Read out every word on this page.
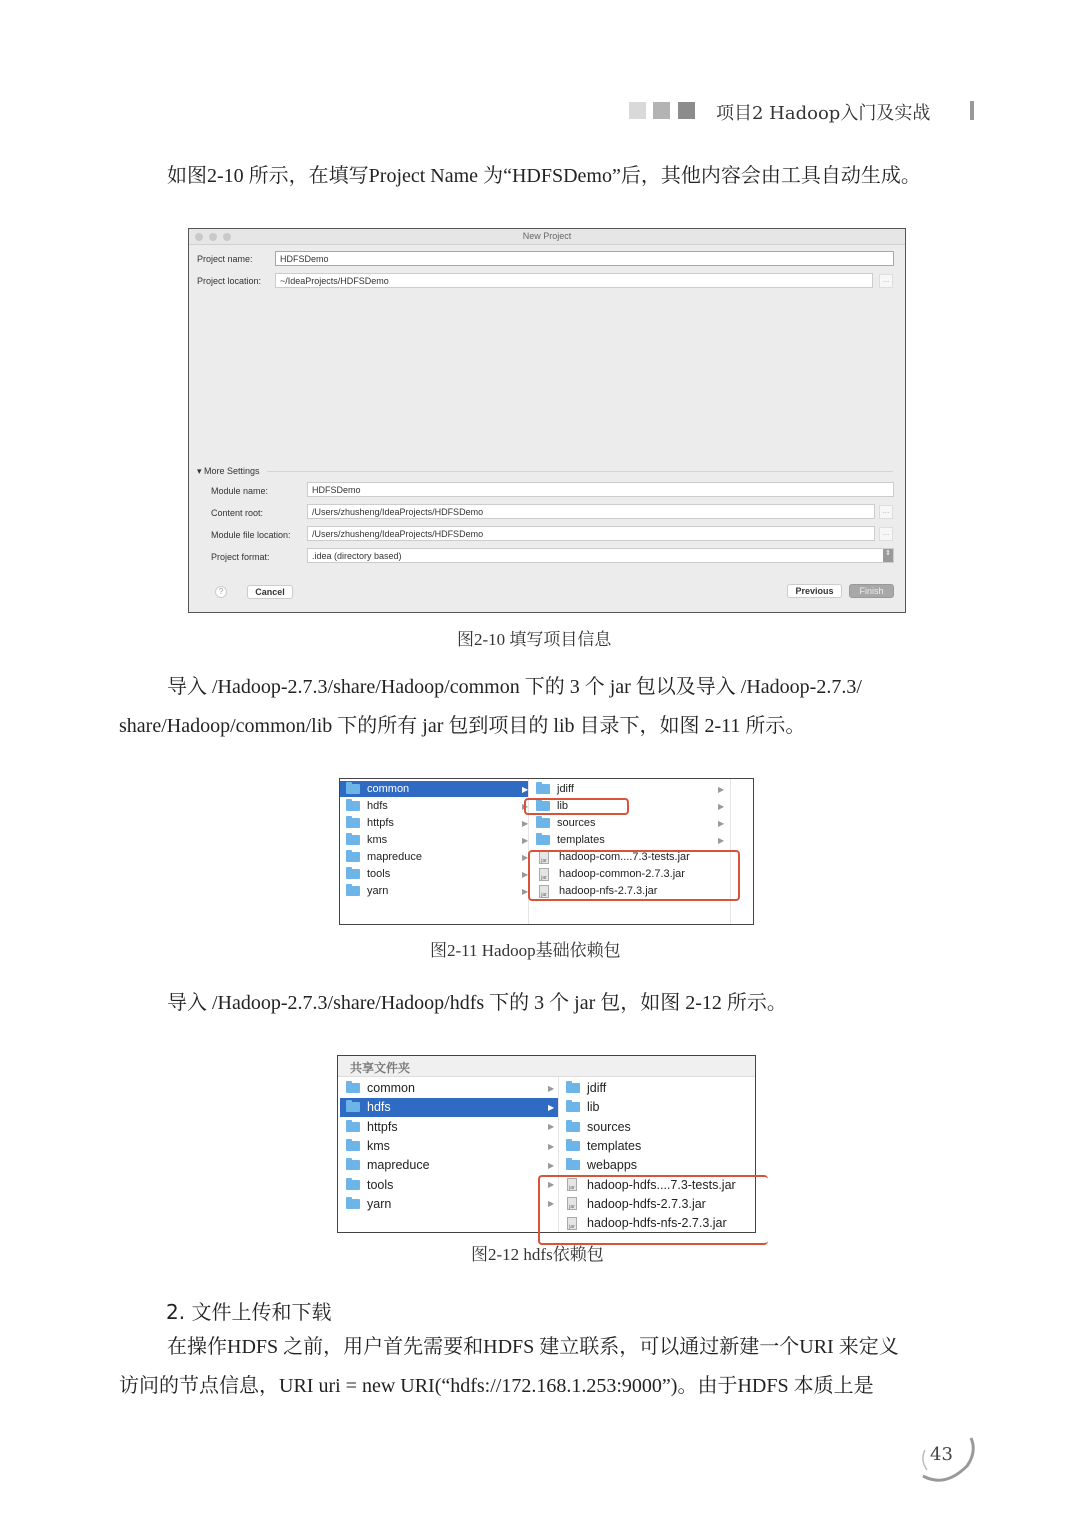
项目2 Hadoop入门及实战
如图2-10 所示，在填写Project Name 为“HDFSDemo”后，其他内容会由工具自动生成。
New Project
Project name:	HDFSDemo
Project location:	~/IdeaProjects/HDFSDemo	...
▾ More Settings
Module name:	HDFSDemo
Content root:	/Users/zhusheng/IdeaProjects/HDFSDemo	...
Module file location:	/Users/zhusheng/IdeaProjects/HDFSDemo	...
Project format:	.idea (directory based)	⇕
?	Cancel	Previous	Finish
图2-10 填写项目信息
导入 /Hadoop-2.7.3/share/Hadoop/common 下的 3 个 jar 包以及导入 /Hadoop-2.7.3/
share/Hadoop/common/lib 下的所有 jar 包到项目的 lib 目录下，如图 2-11 所示。
common	▶
hdfs	▶
httpfs	▶
kms	▶
mapreduce	▶
tools	▶
yarn	▶
jdiff	▶
lib	▶
sources	▶
templates	▶
jar hadoop-com....7.3-tests.jar
jar hadoop-common-2.7.3.jar
jar hadoop-nfs-2.7.3.jar
图2-11 Hadoop基础依赖包
导入 /Hadoop-2.7.3/share/Hadoop/hdfs 下的 3 个 jar 包，如图 2-12 所示。
共享文件夹
common	▶
hdfs	▶
httpfs	▶
kms	▶
mapreduce	▶
tools	▶
yarn	▶
jdiff
lib
sources
templates
webapps
jar hadoop-hdfs....7.3-tests.jar
jar hadoop-hdfs-2.7.3.jar
jar hadoop-hdfs-nfs-2.7.3.jar
图2-12 hdfs依赖包
2. 文件上传和下载
在操作HDFS 之前，用户首先需要和HDFS 建立联系，可以通过新建一个URI 来定义
访问的节点信息，URI uri = new URI(“hdfs://172.168.1.253:9000”)。由于HDFS 本质上是
43
